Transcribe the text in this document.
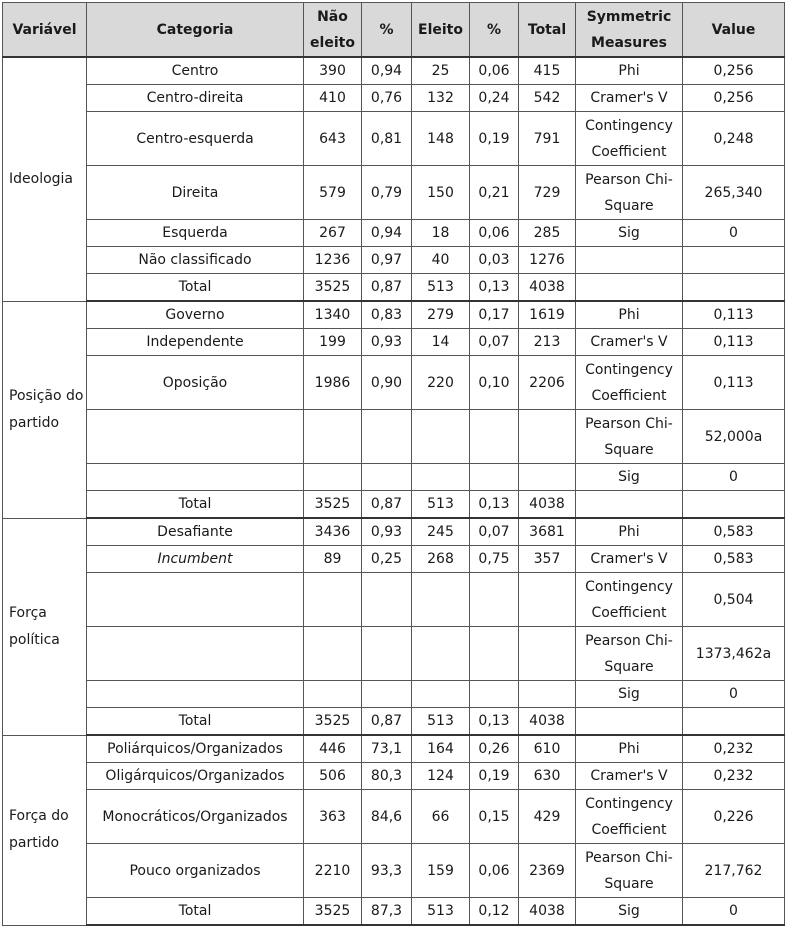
Variável	Categoria	Não eleito	%	Eleito	%	Total	Symmetric Measures	Value
Ideologia	Centro	390	0,94	25	0,06	415	Phi	0,256
	Centro-direita	410	0,76	132	0,24	542	Cramer's V	0,256
	Centro-esquerda	643	0,81	148	0,19	791	Contingency Coefficient	0,248
	Direita	579	0,79	150	0,21	729	Pearson Chi-Square	265,340
	Esquerda	267	0,94	18	0,06	285	Sig	0
	Não classificado	1236	0,97	40	0,03	1276		
	Total	3525	0,87	513	0,13	4038		
Posição do partido	Governo	1340	0,83	279	0,17	1619	Phi	0,113
	Independente	199	0,93	14	0,07	213	Cramer's V	0,113
	Oposição	1986	0,90	220	0,10	2206	Contingency Coefficient	0,113
							Pearson Chi-Square	52,000a
							Sig	0
	Total	3525	0,87	513	0,13	4038		
Força política	Desafiante	3436	0,93	245	0,07	3681	Phi	0,583
	Incumbent	89	0,25	268	0,75	357	Cramer's V	0,583
							Contingency Coefficient	0,504
							Pearson Chi-Square	1373,462a
							Sig	0
	Total	3525	0,87	513	0,13	4038		
Força do partido	Poliárquicos/Organizados	446	73,1	164	0,26	610	Phi	0,232
	Oligárquicos/Organizados	506	80,3	124	0,19	630	Cramer's V	0,232
	Monocráticos/Organizados	363	84,6	66	0,15	429	Contingency Coefficient	0,226
	Pouco organizados	2210	93,3	159	0,06	2369	Pearson Chi-Square	217,762
	Total	3525	87,3	513	0,12	4038	Sig	0
